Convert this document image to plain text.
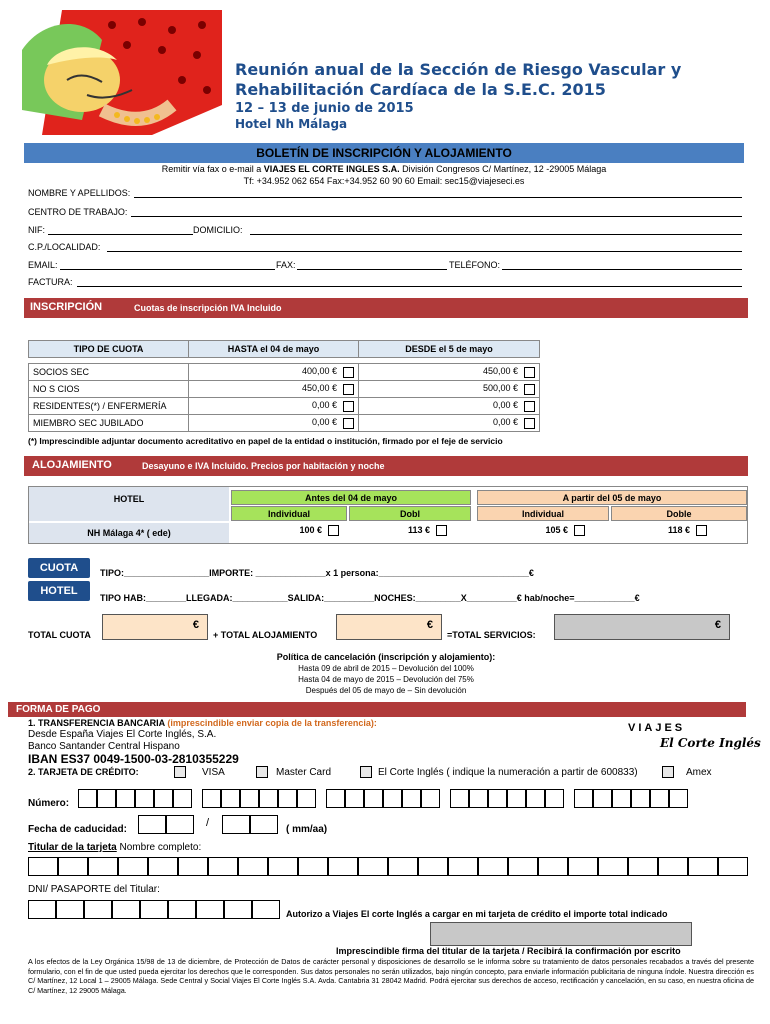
Reunión anual de la Sección de Riesgo Vascular y
Rehabilitación Cardíaca de la S.E.C. 2015
12 – 13 de junio de 2015
Hotel Nh Málaga
BOLETÍN DE INSCRIPCIÓN Y ALOJAMIENTO
Remitir vía fax o e-mail a VIAJES EL CORTE INGLES S.A. División Congresos C/ Martínez, 12 -29005 Málaga
Tf: +34.952 062 654 Fax:+34.952 60 90 60 Email: sec15@viajeseci.es
NOMBRE Y APELLIDOS:
CENTRO DE TRABAJO:
NIF:	DOMICILIO:
C.P./LOCALIDAD:
EMAIL:	FAX:	TELÉFONO:
FACTURA:
INSCRIPCIÓN	Cuotas de inscripción IVA Incluido
TIPO DE CUOTA	HASTA el 04 de mayo	DESDE el 5 de mayo

SOCIOS SEC	400,00 €	450,00 €
NO S CIOS	450,00 €	500,00 €
RESIDENTES(*) / ENFERMERÍA	0,00 €	0,00 €
MIEMBRO SEC JUBILADO	0,00 €	0,00 €
(*) Imprescindible adjuntar documento acreditativo en papel de la entidad o institución, firmado por el feje de servicio
ALOJAMIENTO	Desayuno e IVA Incluido. Precios por habitación y noche
HOTEL	Antes del 04 de mayo	A partir del 05 de mayo
Individual	Dobl	Individual	Doble
NH Málaga 4* ( ede)	100 €	113 €	105 €	118 €
CUOTA
HOTEL
TIPO:_________________IMPORTE: ______________x 1 persona:______________________________€
TIPO HAB:________LLEGADA:___________SALIDA:__________NOCHES:_________X__________€ hab/noche=____________€
TOTAL CUOTA
€
+ TOTAL ALOJAMIENTO
€
=TOTAL SERVICIOS:
€
Política de cancelación (inscripción y alojamiento):
Hasta 09 de abril de 2015 – Devolución del 100%
Hasta 04 de mayo de 2015 – Devolución del 75%
Después del 05 de mayo de – Sin devolución
FORMA DE PAGO
1. TRANSFERENCIA BANCARIA (imprescindible enviar copia de la transferencia):
Desde España Viajes El Corte Inglés, S.A.
Banco Santander Central Hispano
IBAN ES37 0049-1500-03-2810355229
VIAJES
El Corte Inglés
2. TARJETA DE CRÉDITO:	VISA	Master Card	El Corte Inglés ( indique la numeración a partir de 600833)	Amex
Número:
Fecha de caducidad:
/
( mm/aa)
Titular de la tarjeta Nombre completo:
DNI/ PASAPORTE del Titular:
Autorizo a Viajes El corte Inglés a cargar en mi tarjeta de crédito el importe total indicado
Imprescindible firma del titular de la tarjeta / Recibirá la confirmación por escrito
A los efectos de la Ley Orgánica 15/98 de 13 de diciembre, de Protección de Datos de carácter personal y disposiciones de desarrollo se le informa sobre su tratamiento de datos personales recabados a través del presente formulario, con el fin de que usted pueda ejercitar los derechos que le corresponden. Sus datos personales no serán utilizados, bajo ningún concepto, para enviarle información publicitaria de ninguna índole. Nuestra dirección es C/ Martínez, 12 Local 1 – 29005 Málaga. Sede Central y Social Viajes El Corte Inglés S.A. Avda. Cantabria 31 28042 Madrid. Podrá ejercitar sus derechos de acceso, rectificación y cancelación, en su caso, en nuestra oficina de C/ Martínez, 12 29005 Málaga.
